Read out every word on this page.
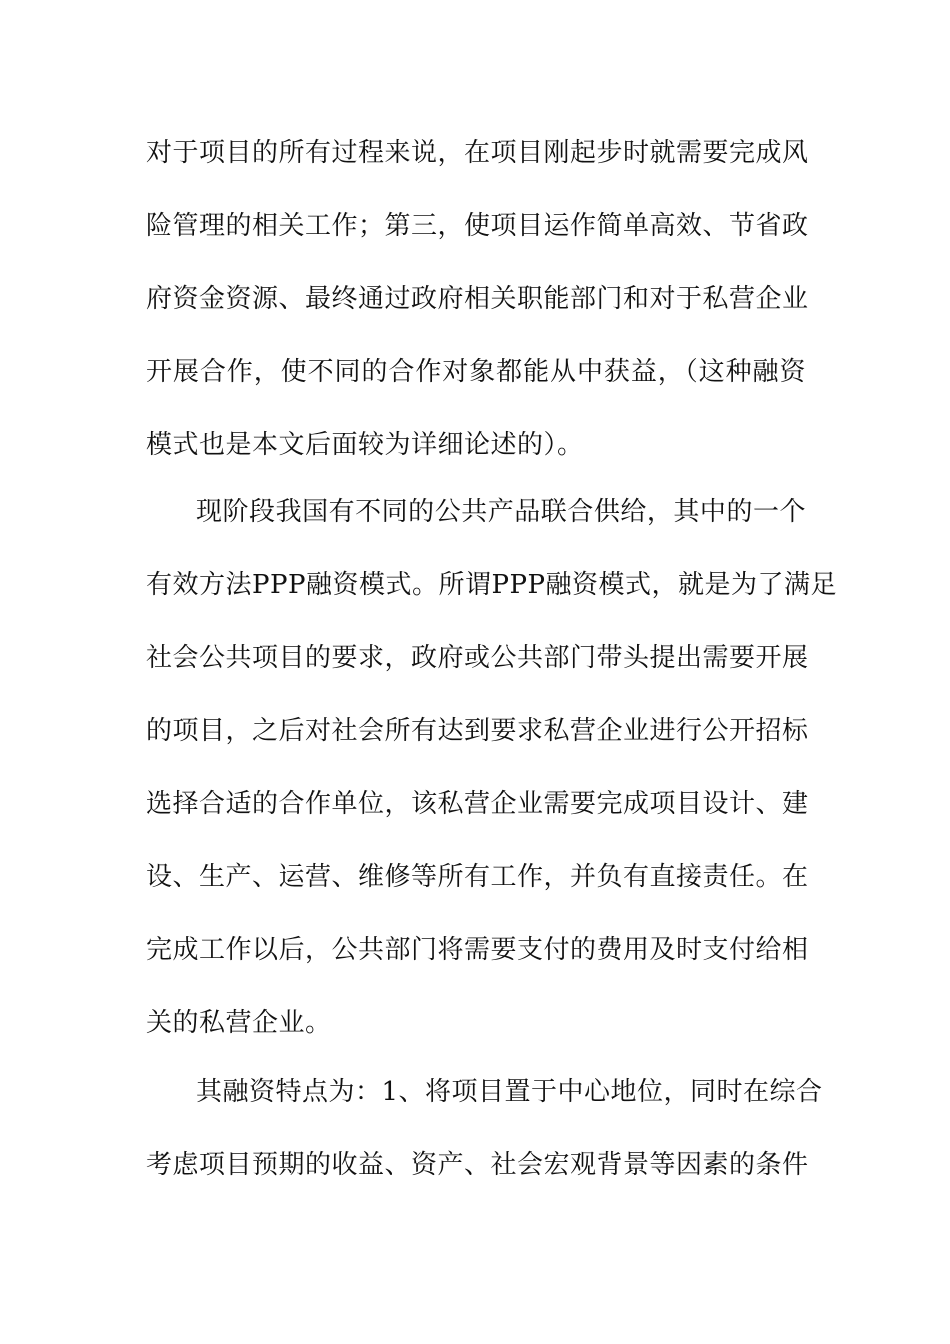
对于项目的所有过程来说，在项目刚起步时就需要完成风
险管理的相关工作；第三，使项目运作简单高效、节省政
府资金资源、最终通过政府相关职能部门和对于私营企业
开展合作，使不同的合作对象都能从中获益，（这种融资
模式也是本文后面较为详细论述的）。
现阶段我国有不同的公共产品联合供给，其中的一个
有效方法PPP融资模式。所谓PPP融资模式，就是为了满足
社会公共项目的要求，政府或公共部门带头提出需要开展
的项目，之后对社会所有达到要求私营企业进行公开招标
选择合适的合作单位，该私营企业需要完成项目设计、建
设、生产、运营、维修等所有工作，并负有直接责任。在
完成工作以后，公共部门将需要支付的费用及时支付给相
关的私营企业。
其融资特点为：1、将项目置于中心地位，同时在综合
考虑项目预期的收益、资产、社会宏观背景等因素的条件
